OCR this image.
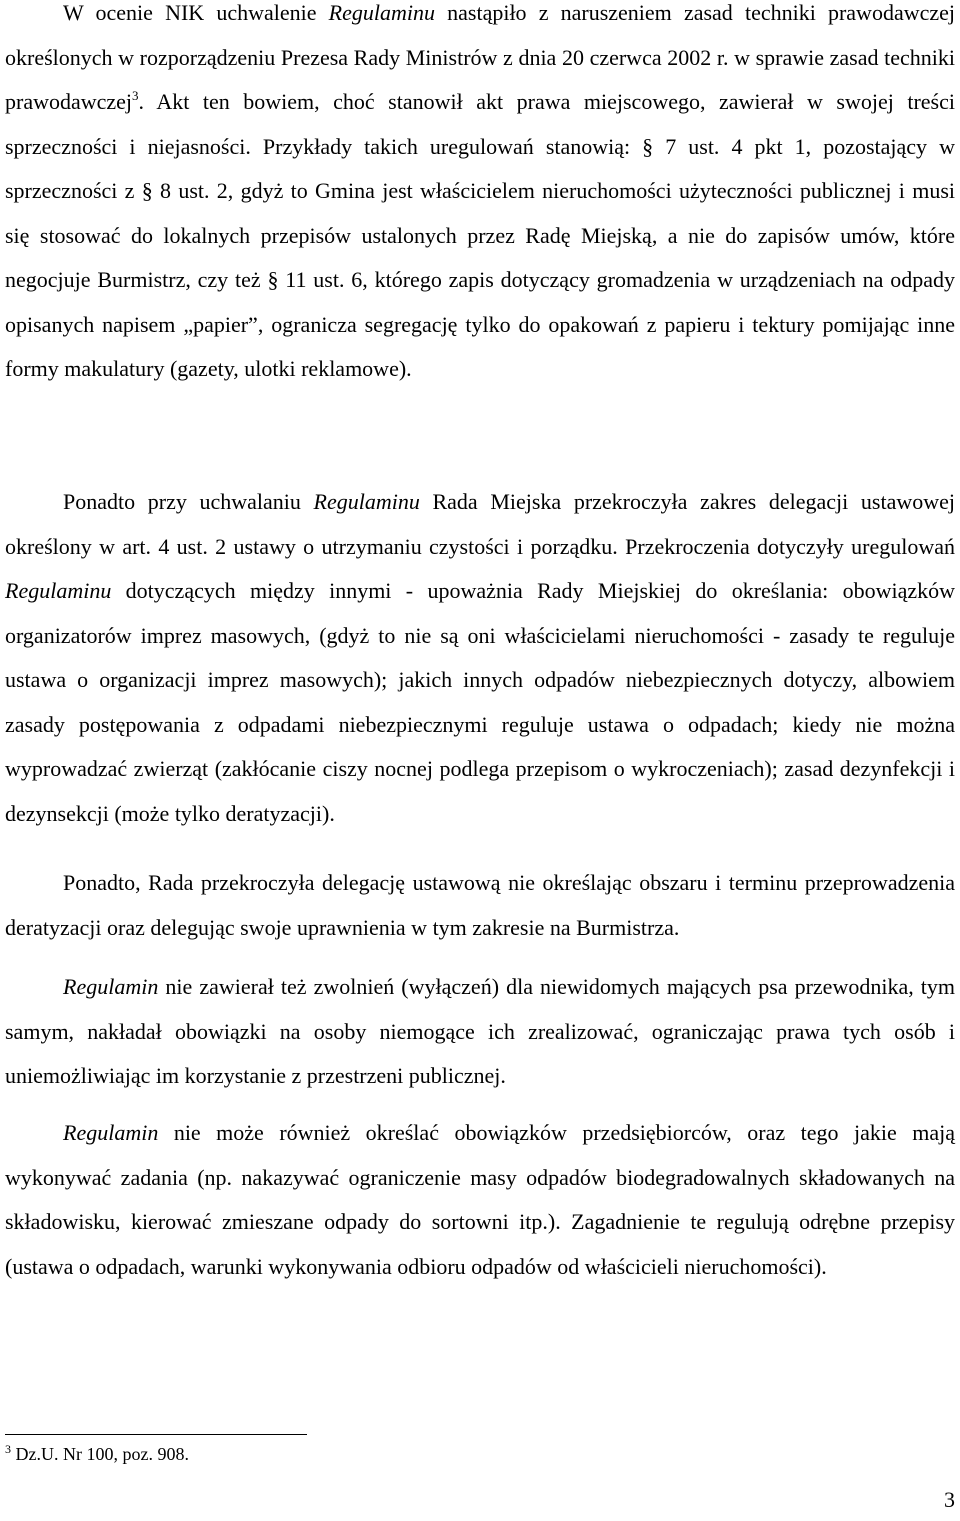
W ocenie NIK uchwalenie Regulaminu nastąpiło z naruszeniem zasad techniki prawodawczej określonych w rozporządzeniu Prezesa Rady Ministrów z dnia 20 czerwca 2002 r. w sprawie zasad techniki prawodawczej$^3$. Akt ten bowiem, choć stanowił akt prawa miejscowego, zawierał w swojej treści sprzeczności i niejasności. Przykłady takich uregulowań stanowią: § 7 ust. 4 pkt 1, pozostający w sprzeczności z § 8 ust. 2, gdyż to Gmina jest właścicielem nieruchomości użyteczności publicznej i musi się stosować do lokalnych przepisów ustalonych przez Radę Miejską, a nie do zapisów umów, które negocjuje Burmistrz, czy też § 11 ust. 6, którego zapis dotyczący gromadzenia w urządzeniach na odpady opisanych napisem „papier”, ogranicza segregację tylko do opakowań z papieru i tektury pomijając inne formy makulatury (gazety, ulotki reklamowe).

Ponadto przy uchwalaniu Regulaminu Rada Miejska przekroczyła zakres delegacji ustawowej określony w art. 4 ust. 2 ustawy o utrzymaniu czystości i porządku. Przekroczenia dotyczyły uregulowań Regulaminu dotyczących między innymi - upoważnia Rady Miejskiej do określania: obowiązków organizatorów imprez masowych, (gdyż to nie są oni właścicielami nieruchomości - zasady te reguluje ustawa o organizacji imprez masowych); jakich innych odpadów niebezpiecznych dotyczy, albowiem zasady postępowania z odpadami niebezpiecznymi reguluje ustawa o odpadach; kiedy nie można wyprowadzać zwierząt (zakłócanie ciszy nocnej podlega przepisom o wykroczeniach); zasad dezynfekcji i dezynsekcji (może tylko deratyzacji).

Ponadto, Rada przekroczyła delegację ustawową nie określając obszaru i terminu przeprowadzenia deratyzacji oraz delegując swoje uprawnienia w tym zakresie na Burmistrza.

Regulamin nie zawierał też zwolnień (wyłączeń) dla niewidomych mających psa przewodnika, tym samym, nakładał obowiązki na osoby niemogące ich zrealizować, ograniczając prawa tych osób i uniemożliwiając im korzystanie z przestrzeni publicznej.

Regulamin nie może również określać obowiązków przedsiębiorców, oraz tego jakie mają wykonywać zadania (np. nakazywać ograniczenie masy odpadów biodegradowalnych składowanych na składowisku, kierować zmieszane odpady do sortowni itp.). Zagadnienie te regulują odrębne przepisy (ustawa o odpadach, warunki wykonywania odbioru odpadów od właścicieli nieruchomości).

$^3$ Dz.U. Nr 100, poz. 908.
3
